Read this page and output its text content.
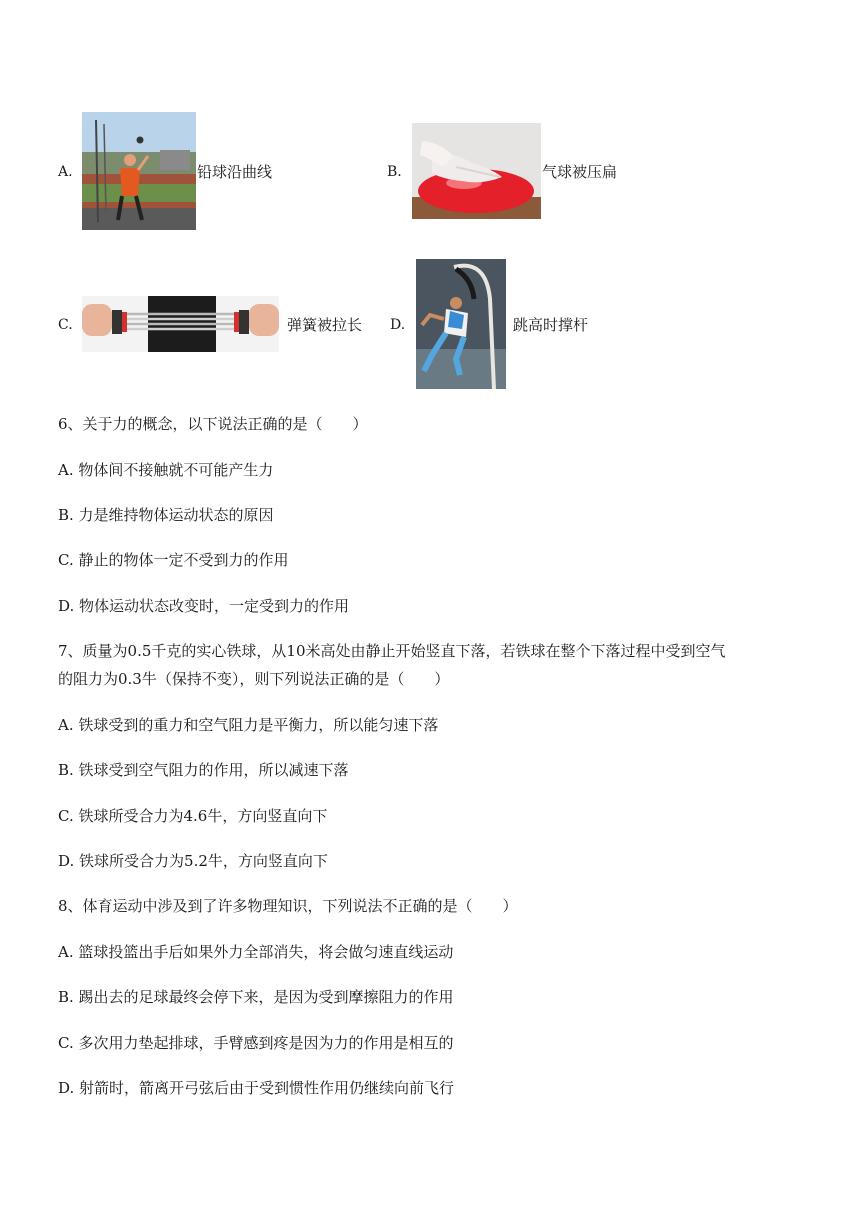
A.	铅球沿曲线	B.	气球被压扁
C.	弹簧被拉长 D.	跳高时撑杆
6、关于力的概念，以下说法正确的是（　　）
A. 物体间不接触就不可能产生力
B. 力是维持物体运动状态的原因
C. 静止的物体一定不受到力的作用
D. 物体运动状态改变时，一定受到力的作用
7、质量为0.5千克的实心铁球，从10米高处由静止开始竖直下落，若铁球在整个下落过程中受到空气
的阻力为0.3牛（保持不变），则下列说法正确的是（　　）
A. 铁球受到的重力和空气阻力是平衡力，所以能匀速下落
B. 铁球受到空气阻力的作用，所以减速下落
C. 铁球所受合力为4.6牛，方向竖直向下
D. 铁球所受合力为5.2牛，方向竖直向下
8、体育运动中涉及到了许多物理知识，下列说法不正确的是（　　）
A. 篮球投篮出手后如果外力全部消失，将会做匀速直线运动
B. 踢出去的足球最终会停下来，是因为受到摩擦阻力的作用
C. 多次用力垫起排球，手臂感到疼是因为力的作用是相互的
D. 射箭时，箭离开弓弦后由于受到惯性作用仍继续向前飞行
